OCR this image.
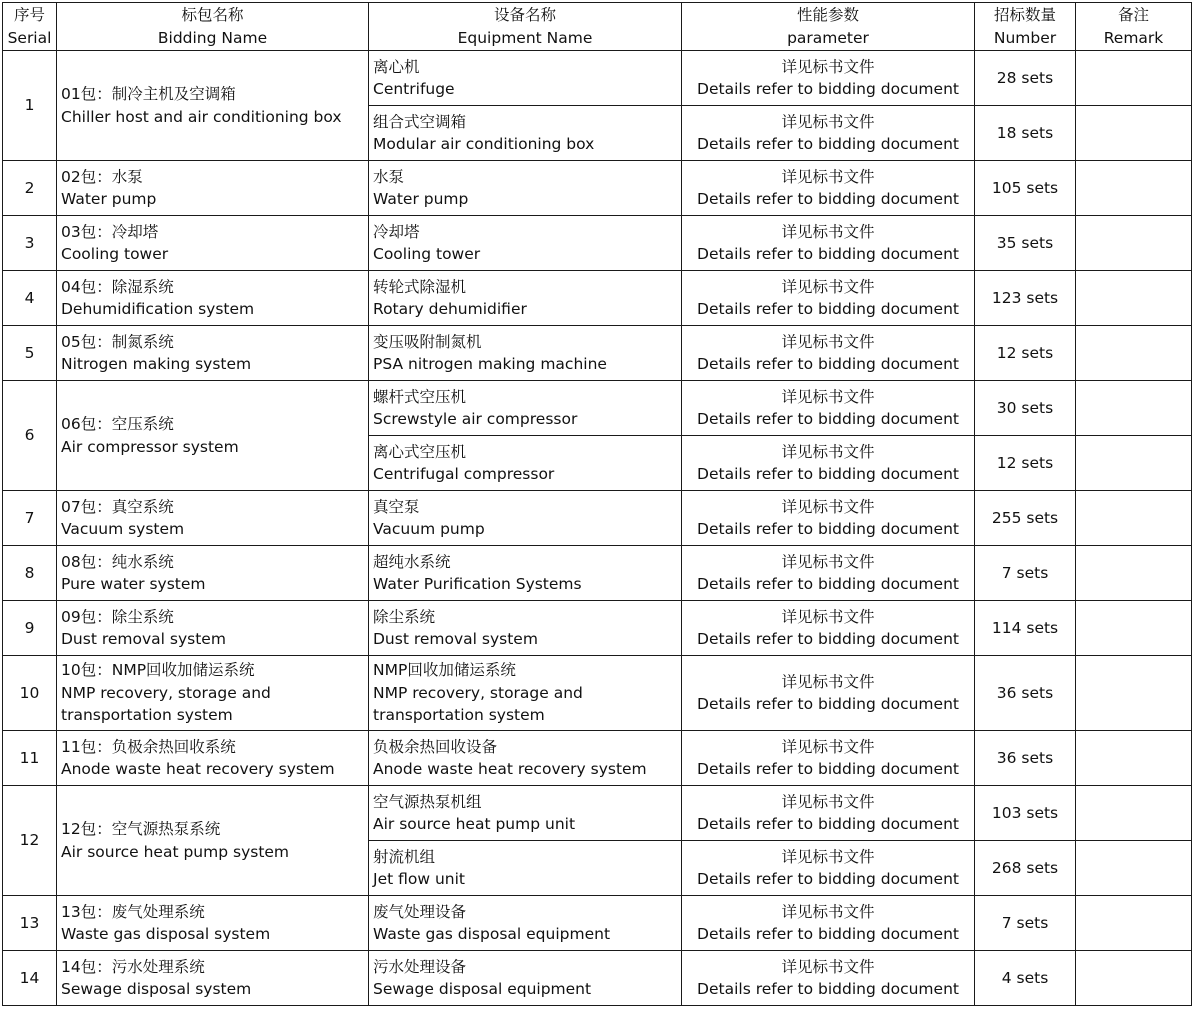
序号
Serial	标包名称
Bidding Name	设备名称
Equipment Name	性能参数
parameter	招标数量
Number	备注
Remark

1	01包：制冷主机及空调箱
Chiller host and air conditioning box	离心机
Centrifuge	详见标书文件
Details refer to bidding document	28 sets	

		组合式空调箱
Modular air conditioning box	详见标书文件
Details refer to bidding document	18 sets	

2	02包：水泵
Water pump	水泵
Water pump	详见标书文件
Details refer to bidding document	105 sets	

3	03包：冷却塔
Cooling tower	冷却塔
Cooling tower	详见标书文件
Details refer to bidding document	35 sets	

4	04包：除湿系统
Dehumidification system	转轮式除湿机
Rotary dehumidifier	详见标书文件
Details refer to bidding document	123 sets	

5	05包：制氮系统
Nitrogen making system	变压吸附制氮机
PSA nitrogen making machine	详见标书文件
Details refer to bidding document	12 sets	

6	06包：空压系统
Air compressor system	螺杆式空压机
Screwstyle air compressor	详见标书文件
Details refer to bidding document	30 sets	

		离心式空压机
Centrifugal compressor	详见标书文件
Details refer to bidding document	12 sets	

7	07包：真空系统
Vacuum system	真空泵
Vacuum pump	详见标书文件
Details refer to bidding document	255 sets	

8	08包：纯水系统
Pure water system	超纯水系统
Water Purification Systems	详见标书文件
Details refer to bidding document	7 sets	

9	09包：除尘系统
Dust removal system	除尘系统
Dust removal system	详见标书文件
Details refer to bidding document	114 sets	

10	10包：NMP回收加储运系统
NMP recovery, storage and transportation system	NMP回收加储运系统
NMP recovery, storage and transportation system	详见标书文件
Details refer to bidding document	36 sets	

11	11包：负极余热回收系统
Anode waste heat recovery system	负极余热回收设备
Anode waste heat recovery system	详见标书文件
Details refer to bidding document	36 sets	

12	12包：空气源热泵系统
Air source heat pump system	空气源热泵机组
Air source heat pump unit	详见标书文件
Details refer to bidding document	103 sets	

		射流机组
Jet flow unit	详见标书文件
Details refer to bidding document	268 sets	

13	13包：废气处理系统
Waste gas disposal system	废气处理设备
Waste gas disposal equipment	详见标书文件
Details refer to bidding document	7 sets	

14	14包：污水处理系统
Sewage disposal system	污水处理设备
Sewage disposal equipment	详见标书文件
Details refer to bidding document	4 sets	
